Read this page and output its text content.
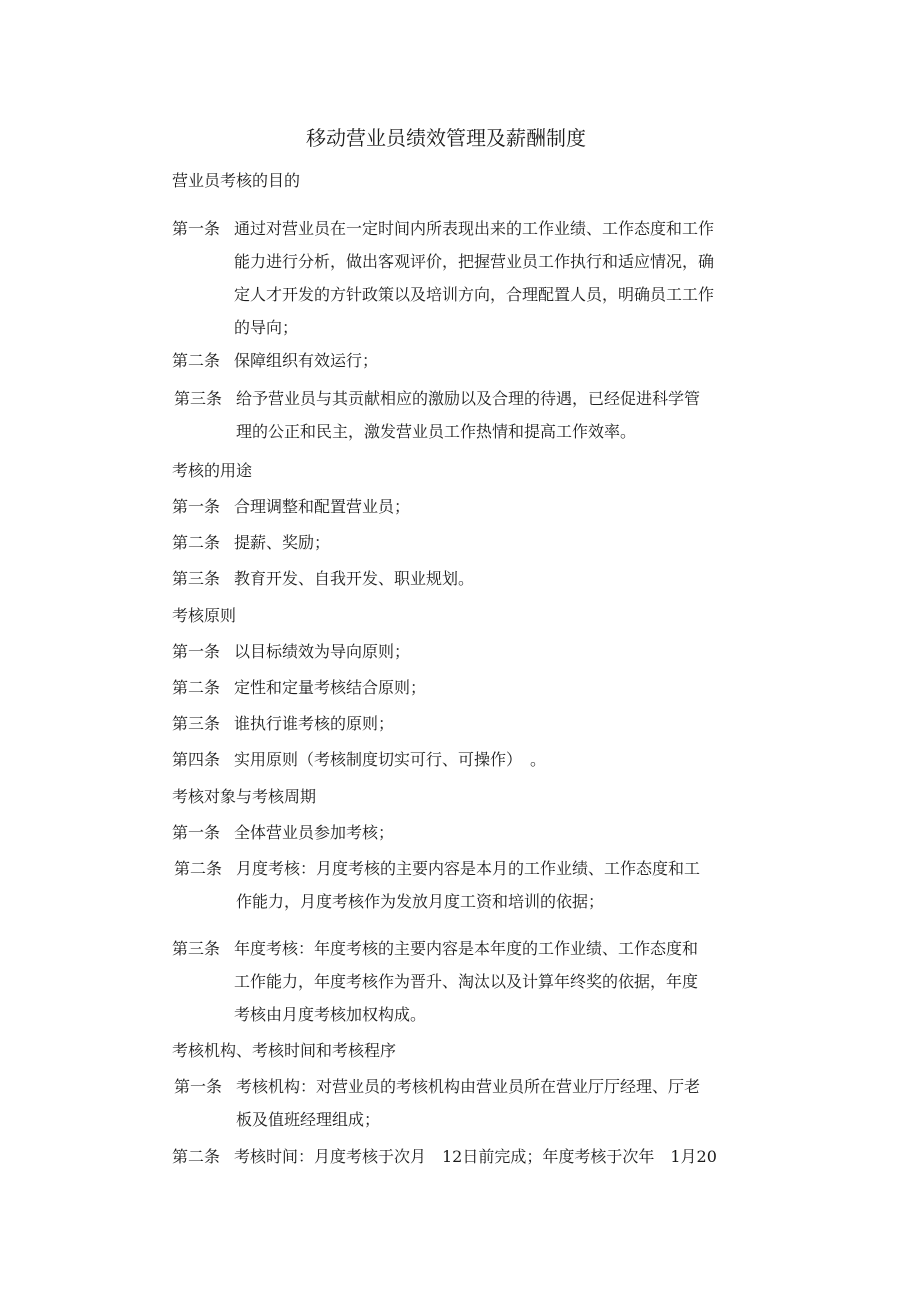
移动营业员绩效管理及薪酬制度
营业员考核的目的
第一条 通过对营业员在一定时间内所表现出来的工作业绩、工作态度和工作
能力进行分析，做出客观评价，把握营业员工作执行和适应情况，确
定人才开发的方针政策以及培训方向，合理配置人员，明确员工工作
的导向；
第二条 保障组织有效运行；
第三条 给予营业员与其贡献相应的激励以及合理的待遇，已经促进科学管
理的公正和民主，激发营业员工作热情和提高工作效率。
考核的用途
第一条 合理调整和配置营业员；
第二条 提薪、奖励；
第三条 教育开发、自我开发、职业规划。
考核原则
第一条 以目标绩效为导向原则；
第二条 定性和定量考核结合原则；
第三条 谁执行谁考核的原则；
第四条 实用原则（考核制度切实可行、可操作）　。
考核对象与考核周期
第一条 全体营业员参加考核；
第二条 月度考核：月度考核的主要内容是本月的工作业绩、工作态度和工
作能力，月度考核作为发放月度工资和培训的依据；
第三条 年度考核：年度考核的主要内容是本年度的工作业绩、工作态度和
工作能力，年度考核作为晋升、淘汰以及计算年终奖的依据，年度
考核由月度考核加权构成。
考核机构、考核时间和考核程序
第一条 考核机构：对营业员的考核机构由营业员所在营业厅厅经理、厅老
板及值班经理组成；
第二条 考核时间：月度考核于次月　12日前完成；年度考核于次年　1月20
